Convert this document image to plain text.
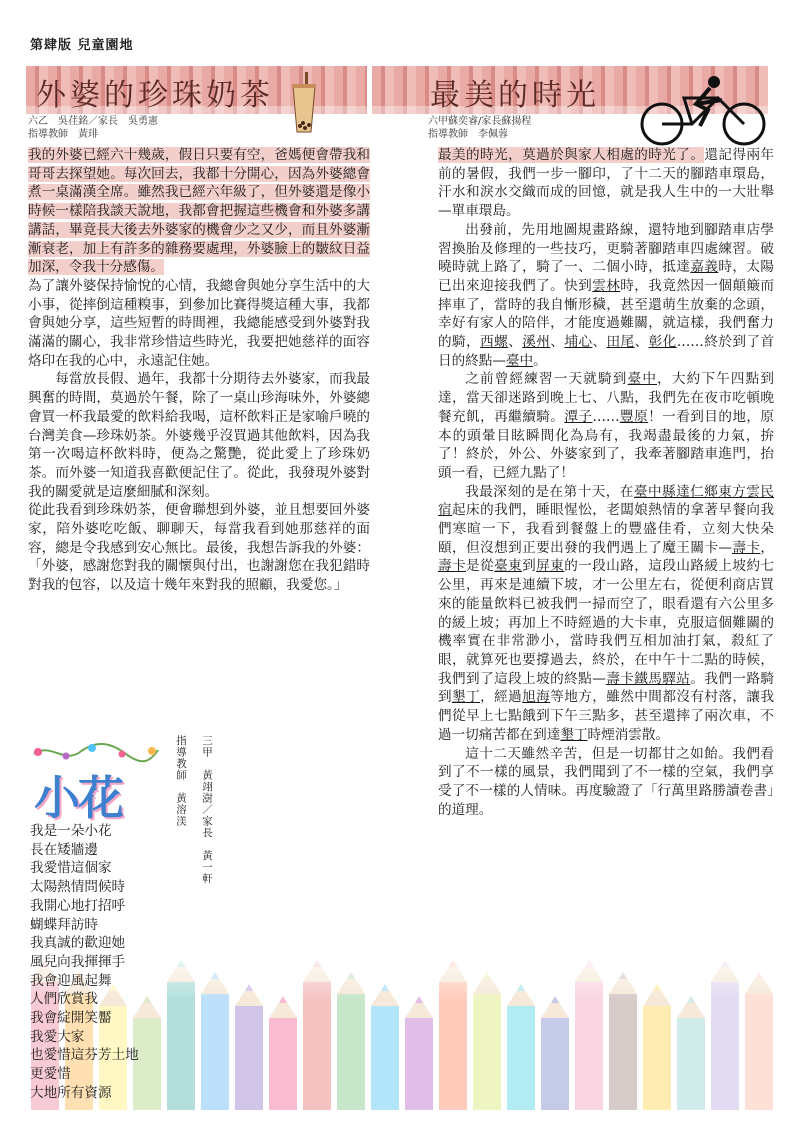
第肆版 兒童園地
外婆的珍珠奶茶
六乙　吳荏銘／家長　吳勇憲
指導教師　黃琲
最美的時光
六甲蘇奕睿/家長蘇揚程
指導教師　李佩蓉

我的外婆已經六十幾歲，假日只要有空，爸媽便會帶我和哥哥去探望她。每次回去，我都十分開心，因為外婆總會煮一桌滿漢全席。雖然我已經六年級了，但外婆還是像小時候一樣陪我談天說地，我都會把握這些機會和外婆多講講話，畢竟長大後去外婆家的機會少之又少，而且外婆漸漸衰老，加上有許多的雜務要處理，外婆臉上的皺紋日益加深，令我十分感傷。

為了讓外婆保持愉悅的心情，我總會與她分享生活中的大小事，從摔倒這種糗事，到參加比賽得獎這種大事，我都會與她分享，這些短暫的時間裡，我總能感受到外婆對我滿滿的關心，我非常珍惜這些時光，我要把她慈祥的面容烙印在我的心中，永遠記住她。

每當放長假、過年，我都十分期待去外婆家，而我最興奮的時間，莫過於午餐，除了一桌山珍海味外，外婆總會買一杯我最愛的飲料給我喝，這杯飲料正是家喻戶曉的台灣美食—珍珠奶茶。外婆幾乎沒買過其他飲料，因為我第一次喝這杯飲料時，便為之驚艷，從此愛上了珍珠奶茶。而外婆一知道我喜歡便記住了。從此，我發現外婆對我的關愛就是這麼細膩和深刻。

從此我看到珍珠奶茶，便會聯想到外婆，並且想要回外婆家，陪外婆吃吃飯、聊聊天，每當我看到她那慈祥的面容，總是令我感到安心無比。最後，我想告訴我的外婆：「外婆，感謝您對我的關懷與付出，也謝謝您在我犯錯時對我的包容，以及這十幾年來對我的照顧，我愛您。」

最美的時光，莫過於與家人相處的時光了。還記得兩年前的暑假，我們一步一腳印，了十二天的腳踏車環島，汗水和淚水交織而成的回憶，就是我人生中的一大壯舉—單車環島。

出發前，先用地圖規畫路線，還特地到腳踏車店學習換胎及修理的一些技巧，更騎著腳踏車四處練習。破曉時就上路了，騎了一、二個小時，抵達嘉義時，太陽已出來迎接我們了。快到雲林時，我竟然因一個顛簸而摔車了，當時的我自慚形穢，甚至還萌生放棄的念頭，幸好有家人的陪伴，才能度過難關，就這樣，我們奮力的騎，西螺、溪州、埔心、田尾、彰化……終於到了首日的終點—臺中。

之前曾經練習一天就騎到臺中，大約下午四點到達，當天卻迷路到晚上七、八點，我們先在夜市吃頓晚餐充飢，再繼續騎。潭子……豐原！一看到目的地，原本的頭暈目眩瞬間化為烏有，我竭盡最後的力氣，拚了！終於，外公、外婆家到了，我牽著腳踏車進門，抬頭一看，已經九點了！

我最深刻的是在第十天，在臺中縣達仁鄉東方雲民宿起床的我們，睡眼惺忪，老闆娘熱情的拿著早餐向我們寒暄一下，我看到餐盤上的豐盛佳肴，立刻大快朵頤，但沒想到正要出發的我們遇上了魔王關卡—壽卡，壽卡是從臺東到屏東的一段山路，這段山路緩上坡約七公里，再來是連續下坡，才一公里左右，從便利商店買來的能量飲料已被我們一掃而空了，眼看還有六公里多的緩上坡；再加上不時經過的大卡車，克服這個難關的機率實在非常渺小，當時我們互相加油打氣，殺紅了眼，就算死也要撐過去，終於，在中午十二點的時候，我們到了這段上坡的終點—壽卡鐵馬驛站。我們一路騎到墾丁，經過旭海等地方，雖然中間都沒有村落，讓我們從早上七點餓到下午三點多，甚至還摔了兩次車，不過一切痛苦都在到達墾丁時煙消雲散。

這十二天雖然辛苦，但是一切都甘之如飴。我們看到了不一樣的風景，我們聞到了不一樣的空氣，我們享受了不一樣的人情味。再度驗證了「行萬里路勝讀卷書」的道理。

小花	三甲　黃翊澍／家長　黃一軒
指導教師　黃溶渼
我是一朵小花
長在矮牆邊
我愛惜這個家
太陽熱情問候時
我開心地打招呼
蝴蝶拜訪時
我真誠的歡迎她
風兒向我揮揮手
我會迎風起舞
人們欣賞我
我會綻開笑靨
我愛大家
也愛惜這芬芳土地
更愛惜
大地所有資源
